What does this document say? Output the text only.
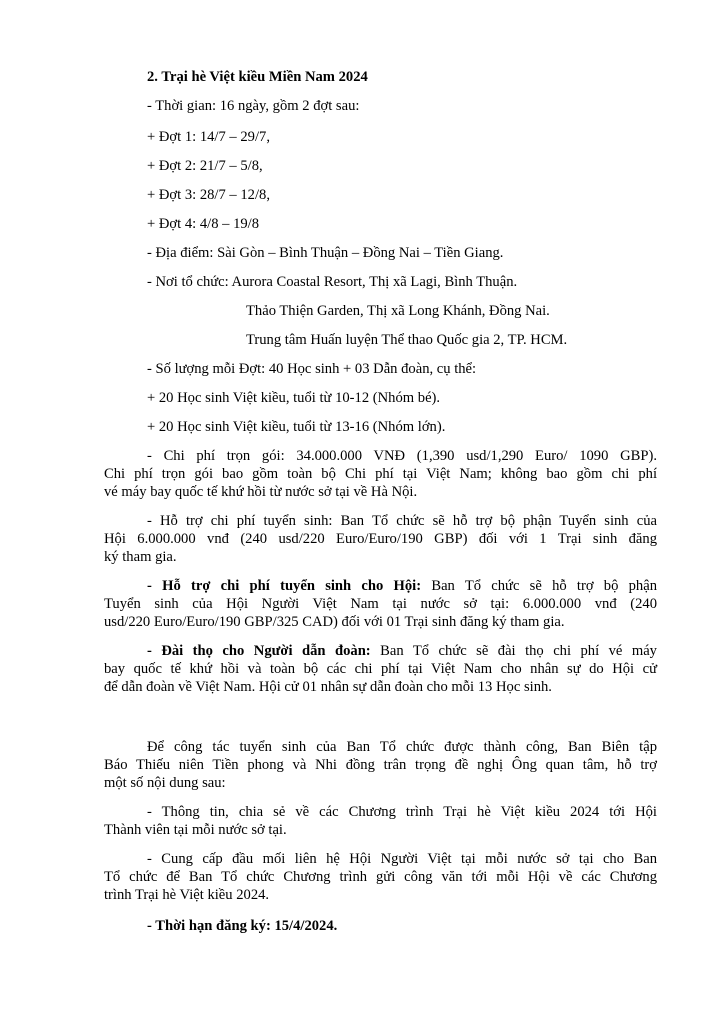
2. Trại hè Việt kiều Miền Nam 2024
- Thời gian: 16 ngày, gồm 2 đợt sau:
+ Đợt 1: 14/7 – 29/7,
+ Đợt 2: 21/7 – 5/8,
+ Đợt 3: 28/7 – 12/8,
+ Đợt 4: 4/8 – 19/8
- Địa điểm: Sài Gòn – Bình Thuận – Đồng Nai – Tiền Giang.
- Nơi tổ chức: Aurora Coastal Resort, Thị xã Lagi, Bình Thuận.
Thảo Thiện Garden, Thị xã Long Khánh, Đồng Nai.
Trung tâm Huấn luyện Thể thao Quốc gia 2, TP. HCM.
- Số lượng mỗi Đợt: 40 Học sinh + 03 Dẫn đoàn, cụ thể:
+ 20 Học sinh Việt kiều, tuổi từ 10-12 (Nhóm bé).
+ 20 Học sinh Việt kiều, tuổi từ 13-16 (Nhóm lớn).
- Chi phí trọn gói: 34.000.000 VNĐ (1,390 usd/1,290 Euro/ 1090 GBP).
Chi phí trọn gói bao gồm toàn bộ Chi phí tại Việt Nam; không bao gồm chi phí
vé máy bay quốc tế khứ hồi từ nước sở tại về Hà Nội.
- Hỗ trợ chi phí tuyển sinh: Ban Tổ chức sẽ hỗ trợ bộ phận Tuyển sinh của
Hội 6.000.000 vnđ (240 usd/220 Euro/Euro/190 GBP) đối với 1 Trại sinh đăng
ký tham gia.
- Hỗ trợ chi phí tuyển sinh cho Hội: Ban Tổ chức sẽ hỗ trợ bộ phận
Tuyển sinh của Hội Người Việt Nam tại nước sở tại: 6.000.000 vnđ (240
usd/220 Euro/Euro/190 GBP/325 CAD) đối với 01 Trại sinh đăng ký tham gia.
- Đài thọ cho Người dẫn đoàn: Ban Tổ chức sẽ đài thọ chi phí vé máy
bay quốc tế khứ hồi và toàn bộ các chi phí tại Việt Nam cho nhân sự do Hội cử
để dẫn đoàn về Việt Nam. Hội cử 01 nhân sự dẫn đoàn cho mỗi 13 Học sinh.
Để công tác tuyển sinh của Ban Tổ chức được thành công, Ban Biên tập
Báo Thiếu niên Tiền phong và Nhi đồng trân trọng đề nghị Ông quan tâm, hỗ trợ
một số nội dung sau:
- Thông tin, chia sẻ về các Chương trình Trại hè Việt kiều 2024 tới Hội
Thành viên tại mỗi nước sở tại.
- Cung cấp đầu mối liên hệ Hội Người Việt tại mỗi nước sở tại cho Ban
Tổ chức để Ban Tổ chức Chương trình gửi công văn tới mỗi Hội về các Chương
trình Trại hè Việt kiều 2024.
- Thời hạn đăng ký: 15/4/2024.
